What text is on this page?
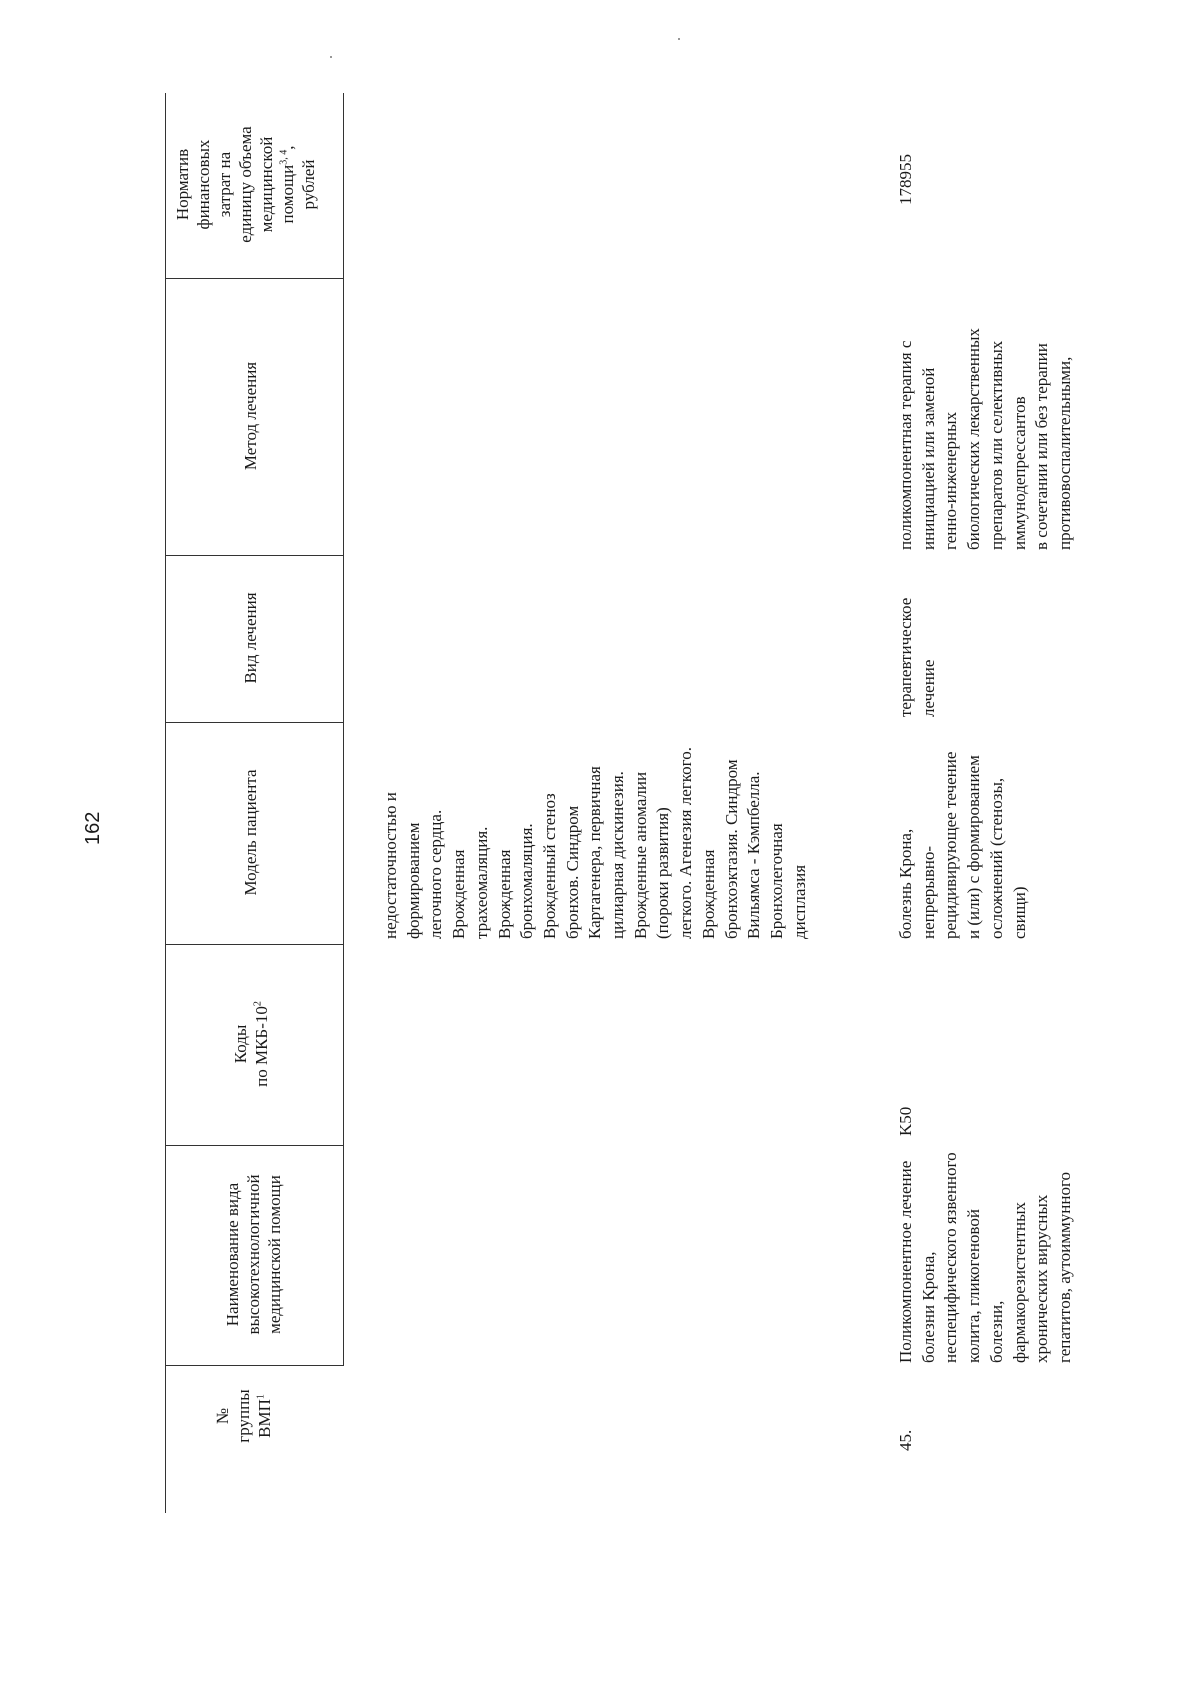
162
№ группы ВМП$^1$
Наименование вида высокотехнологичной медицинской помощи
Коды по МКБ-$10^2$
Модель пациента
Вид лечения
Метод лечения
Норматив финансовых затрат на единицу объема медицинской помощи$^{3, 4}$,
рублей
недостаточностью и формированием легочного сердца. Врожденная трахеомаляция. Врожденная бронхомаляция. Врожденный стеноз бронхов. Синдром Картагенера, первичная цилиарная дискинезия. Врожденные аномалии (пороки развития) легкого. Агенезия легкого. Врожденная бронхоэктазия. Синдром Вильямса - Кэмпбелла. Бронхолегочная дисплазия
45.
Поликомпонентное лечение болезни Крона, неспецифического язвенного колита, гликогеновой болезни, фармакорезистентных хронических вирусных гепатитов, аутоиммунного
K50
болезнь Крона, непрерывно- рецидивирующее течение и (или) с формированием осложнений (стенозы, свищи)
терапевтическое лечение
поликомпонентная терапия с инициацией или заменой генно-инженерных биологических лекарственных препаратов или селективных иммунодепрессантов в сочетании или без терапии противовоспалительными,
178955
